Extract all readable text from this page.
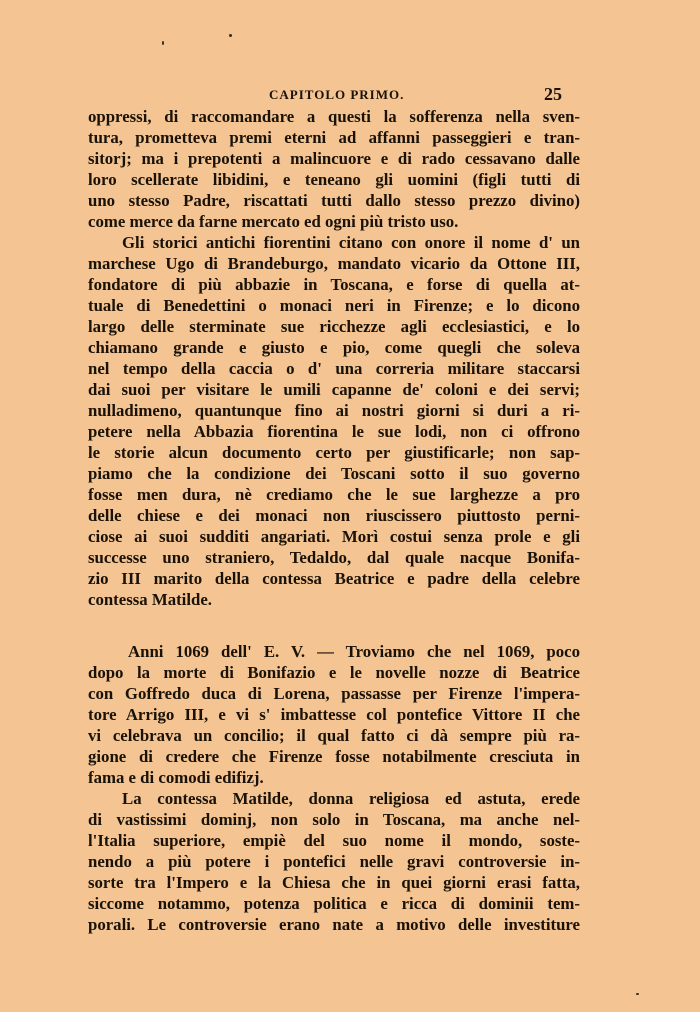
CAPITOLO PRIMO.	25
oppressi, di raccomandare a questi la sofferenza nella sven-
tura, prometteva premi eterni ad affanni passeggieri e tran-
sitorj; ma i prepotenti a malincuore e di rado cessavano dalle
loro scellerate libidini, e teneano gli uomini (figli tutti di
uno stesso Padre, riscattati tutti dallo stesso prezzo divino)
come merce da farne mercato ed ogni più tristo uso.
Gli storici antichi fiorentini citano con onore il nome d' un
marchese Ugo di Brandeburgo, mandato vicario da Ottone III,
fondatore di più abbazie in Toscana, e forse di quella at-
tuale di Benedettini o monaci neri in Firenze; e lo dicono
largo delle sterminate sue ricchezze agli ecclesiastici, e lo
chiamano grande e giusto e pio, come quegli che soleva
nel tempo della caccia o d' una correria militare staccarsi
dai suoi per visitare le umili capanne de' coloni e dei servi;
nulladimeno, quantunque fino ai nostri giorni si duri a ri-
petere nella Abbazia fiorentina le sue lodi, non ci offrono
le storie alcun documento certo per giustificarle; non sap-
piamo che la condizione dei Toscani sotto il suo governo
fosse men dura, nè crediamo che le sue larghezze a pro
delle chiese e dei monaci non riuscissero piuttosto perni-
ciose ai suoi sudditi angariati. Morì costui senza prole e gli
successe uno straniero, Tedaldo, dal quale nacque Bonifa-
zio III marito della contessa Beatrice e padre della celebre
contessa Matilde.
Anni 1069 dell' E. V. — Troviamo che nel 1069, poco
dopo la morte di Bonifazio e le novelle nozze di Beatrice
con Goffredo duca di Lorena, passasse per Firenze l'impera-
tore Arrigo III, e vi s' imbattesse col pontefice Vittore II che
vi celebrava un concilio; il qual fatto ci dà sempre più ra-
gione di credere che Firenze fosse notabilmente cresciuta in
fama e di comodi edifizj.
La contessa Matilde, donna religiosa ed astuta, erede
di vastissimi dominj, non solo in Toscana, ma anche nel-
l'Italia superiore, empiè del suo nome il mondo, soste-
nendo a più potere i pontefici nelle gravi controversie in-
sorte tra l'Impero e la Chiesa che in quei giorni erasi fatta,
siccome notammo, potenza politica e ricca di dominii tem-
porali. Le controversie erano nate a motivo delle investiture
